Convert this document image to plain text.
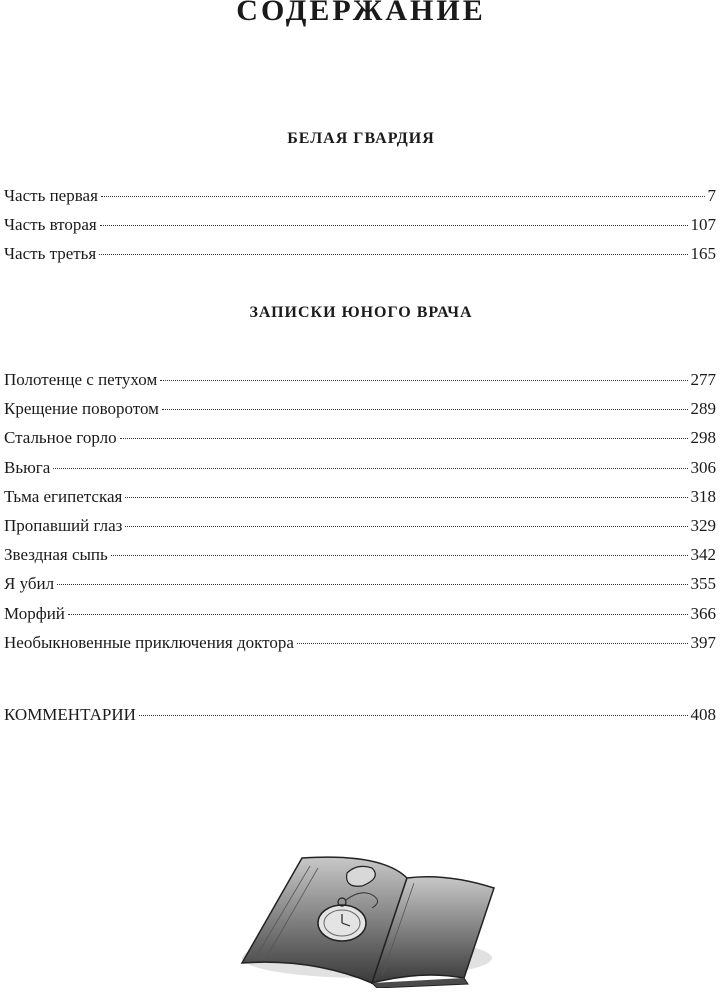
СОДЕРЖАНИЕ
БЕЛАЯ ГВАРДИЯ
Часть первая	7
Часть вторая	107
Часть третья	165
ЗАПИСКИ ЮНОГО ВРАЧА
Полотенце с петухом	277
Крещение поворотом	289
Стальное горло	298
Вьюга	306
Тьма египетская	318
Пропавший глаз	329
Звездная сыпь	342
Я убил	355
Морфий	366
Необыкновенные приключения доктора	397
КОММЕНТАРИИ	408
